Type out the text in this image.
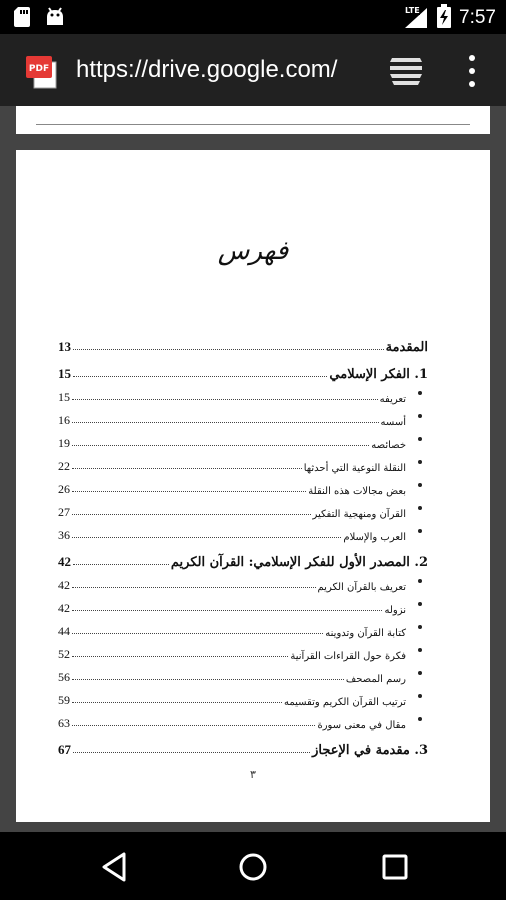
LTE 7:57
PDF https://drive.google.com/
فهرس
المقدمة
13
1. الفكر الإسلامي
15
تعريفه
15
أسسه
16
خصائصه
19
النقلة النوعية التي أحدثها
22
بعض مجالات هذه النقلة
26
القرآن ومنهجية التفكير
27
العرب والإسلام
36
2. المصدر الأول للفكر الإسلامي: القرآن الكريم
42
تعريف بالقرآن الكريم
42
نزوله
42
كتابة القرآن وتدوينه
44
فكرة حول القراءات القرآنية
52
رسم المصحف
56
ترتيب القرآن الكريم وتقسيمه
59
مقال في معنى سورة
63
3. مقدمة في الإعجاز
67
٣
